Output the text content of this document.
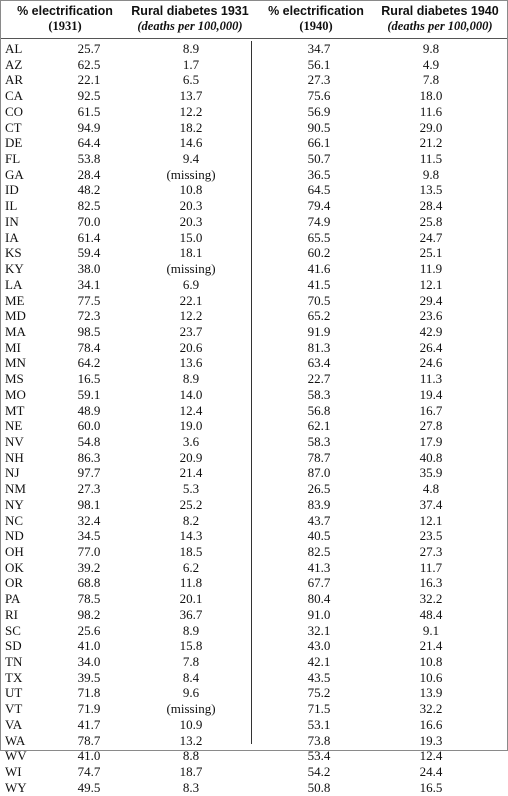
% electrification
(1931)
Rural diabetes 1931
(deaths per 100,000)
% electrification
(1940)
Rural diabetes 1940
(deaths per 100,000)
AL	25.7	8.9	34.7	9.8
AZ	62.5	1.7	56.1	4.9
AR	22.1	6.5	27.3	7.8
CA	92.5	13.7	75.6	18.0
CO	61.5	12.2	56.9	11.6
CT	94.9	18.2	90.5	29.0
DE	64.4	14.6	66.1	21.2
FL	53.8	9.4	50.7	11.5
GA	28.4	(missing)	36.5	9.8
ID	48.2	10.8	64.5	13.5
IL	82.5	20.3	79.4	28.4
IN	70.0	20.3	74.9	25.8
IA	61.4	15.0	65.5	24.7
KS	59.4	18.1	60.2	25.1
KY	38.0	(missing)	41.6	11.9
LA	34.1	6.9	41.5	12.1
ME	77.5	22.1	70.5	29.4
MD	72.3	12.2	65.2	23.6
MA	98.5	23.7	91.9	42.9
MI	78.4	20.6	81.3	26.4
MN	64.2	13.6	63.4	24.6
MS	16.5	8.9	22.7	11.3
MO	59.1	14.0	58.3	19.4
MT	48.9	12.4	56.8	16.7
NE	60.0	19.0	62.1	27.8
NV	54.8	3.6	58.3	17.9
NH	86.3	20.9	78.7	40.8
NJ	97.7	21.4	87.0	35.9
NM	27.3	5.3	26.5	4.8
NY	98.1	25.2	83.9	37.4
NC	32.4	8.2	43.7	12.1
ND	34.5	14.3	40.5	23.5
OH	77.0	18.5	82.5	27.3
OK	39.2	6.2	41.3	11.7
OR	68.8	11.8	67.7	16.3
PA	78.5	20.1	80.4	32.2
RI	98.2	36.7	91.0	48.4
SC	25.6	8.9	32.1	9.1
SD	41.0	15.8	43.0	21.4
TN	34.0	7.8	42.1	10.8
TX	39.5	8.4	43.5	10.6
UT	71.8	9.6	75.2	13.9
VT	71.9	(missing)	71.5	32.2
VA	41.7	10.9	53.1	16.6
WA	78.7	13.2	73.8	19.3
WV	41.0	8.8	53.4	12.4
WI	74.7	18.7	54.2	24.4
WY	49.5	8.3	50.8	16.5
